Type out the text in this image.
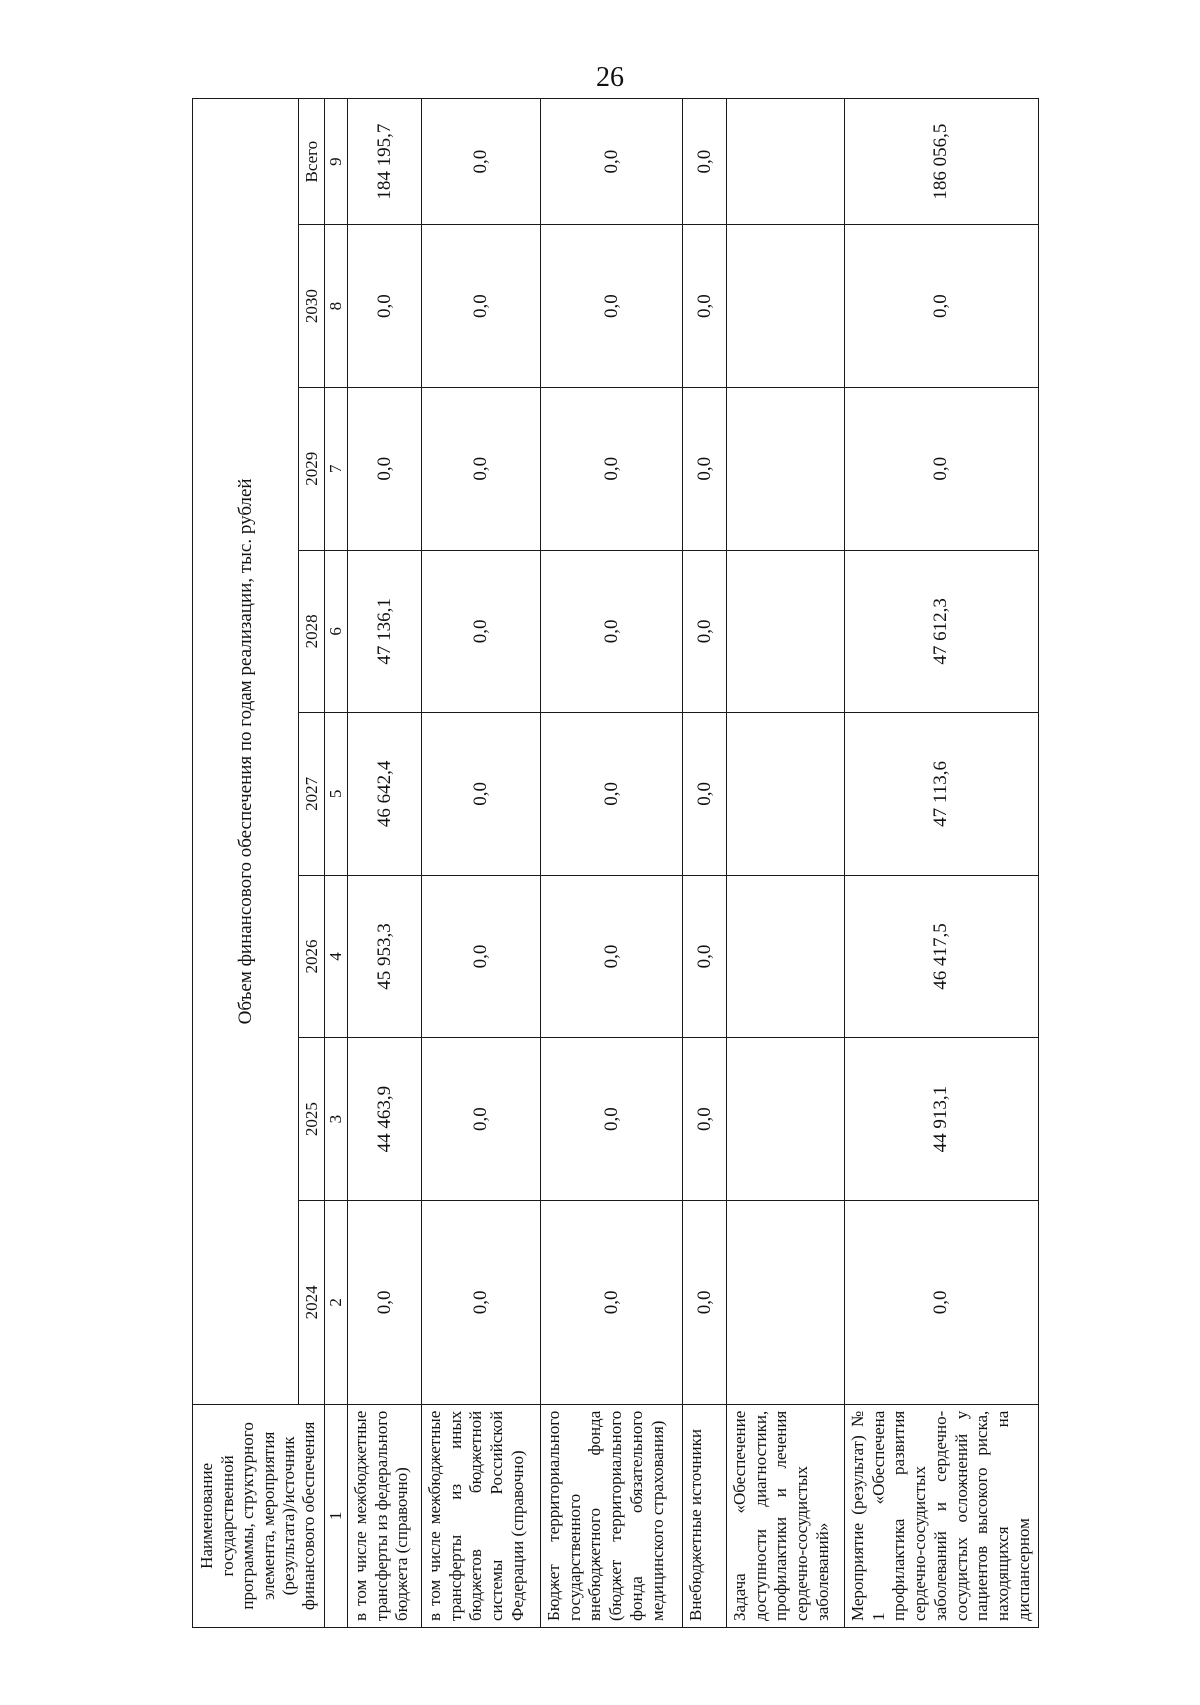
26
Наименование государственной программы, структурного элемента, мероприятия (результата)/источник финансового обеспечения	Объем финансового обеспечения по годам реализации, тыс. рублей							
	2024	2025	2026	2027	2028	2029	2030	Всего
1	2	3	4	5	6	7	8	9
в том числе межбюджетные трансферты из федерального бюджета (справочно)	0,0	44 463,9	45 953,3	46 642,4	47 136,1	0,0	0,0	184 195,7
в том числе межбюджетные трансферты из иных бюджетов бюджетной системы Российской Федерации (справочно)	0,0	0,0	0,0	0,0	0,0	0,0	0,0	0,0
Бюджет территориального государственного внебюджетного фонда (бюджет территориального фонда обязательного медицинского страхования)	0,0	0,0	0,0	0,0	0,0	0,0	0,0	0,0
Внебюджетные источники	0,0	0,0	0,0	0,0	0,0	0,0	0,0	0,0
Задача «Обеспечение доступности диагностики, профилактики и лечения сердечно-сосудистых заболеваний»								
Мероприятие (результат) № 1 «Обеспечена профилактика развития сердечно-сосудистых заболеваний и сердечно-сосудистых осложнений у пациентов высокого риска, находящихся на диспансерном	0,0	44 913,1	46 417,5	47 113,6	47 612,3	0,0	0,0	186 056,5
